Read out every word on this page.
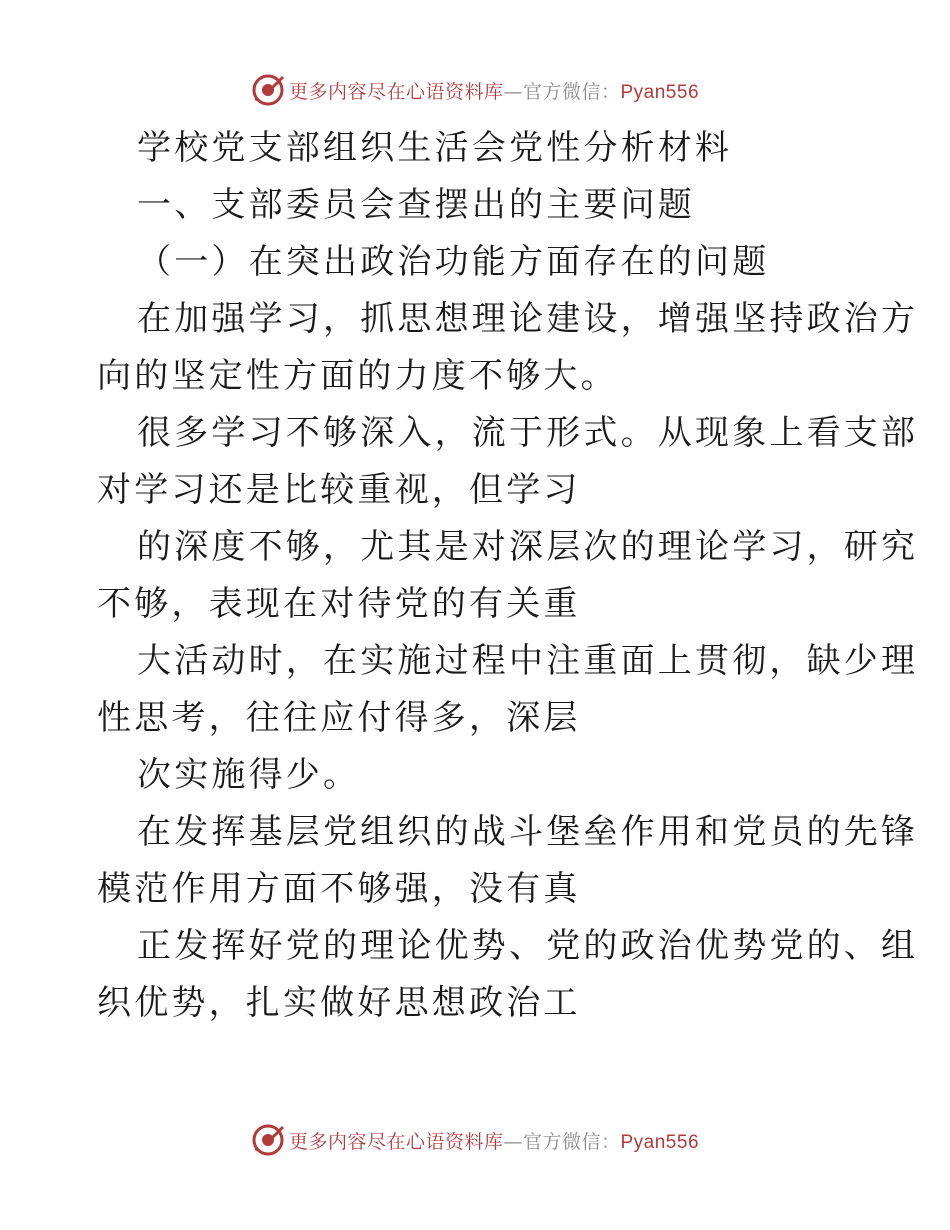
更多内容尽在心语资料库—官方微信：Pyan556
学校党支部组织生活会党性分析材料
一、支部委员会查摆出的主要问题
（一）在突出政治功能方面存在的问题
在加强学习，抓思想理论建设，增强坚持政治方
向的坚定性方面的力度不够大。
很多学习不够深入，流于形式。从现象上看支部
对学习还是比较重视，但学习
的深度不够，尤其是对深层次的理论学习，研究
不够，表现在对待党的有关重
大活动时，在实施过程中注重面上贯彻，缺少理
性思考，往往应付得多，深层
次实施得少。
在发挥基层党组织的战斗堡垒作用和党员的先锋
模范作用方面不够强，没有真
正发挥好党的理论优势、党的政治优势党的、组
织优势，扎实做好思想政治工
更多内容尽在心语资料库—官方微信：Pyan556
